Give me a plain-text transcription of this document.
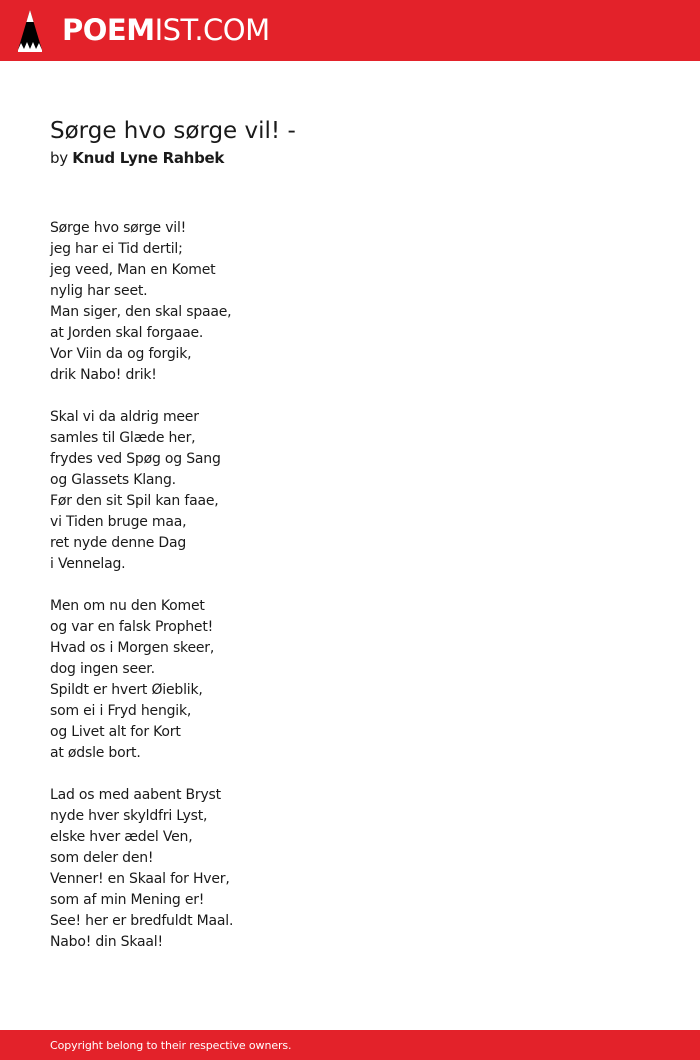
POEMIST.COM
Sørge hvo sørge vil! -
by Knud Lyne Rahbek
Sørge hvo sørge vil!
jeg har ei Tid dertil;
jeg veed, Man en Komet
nylig har seet.
Man siger, den skal spaae,
at Jorden skal forgaae.
Vor Viin da og forgik,
drik Nabo! drik!
Skal vi da aldrig meer
samles til Glæde her,
frydes ved Spøg og Sang
og Glassets Klang.
Før den sit Spil kan faae,
vi Tiden bruge maa,
ret nyde denne Dag
i Vennelag.
Men om nu den Komet
og var en falsk Prophet!
Hvad os i Morgen skeer,
dog ingen seer.
Spildt er hvert Øieblik,
som ei i Fryd hengik,
og Livet alt for Kort
at ødsle bort.
Lad os med aabent Bryst
nyde hver skyldfri Lyst,
elske hver ædel Ven,
som deler den!
Venner! en Skaal for Hver,
som af min Mening er!
See! her er bredfuldt Maal.
Nabo! din Skaal!
Copyright belong to their respective owners.
